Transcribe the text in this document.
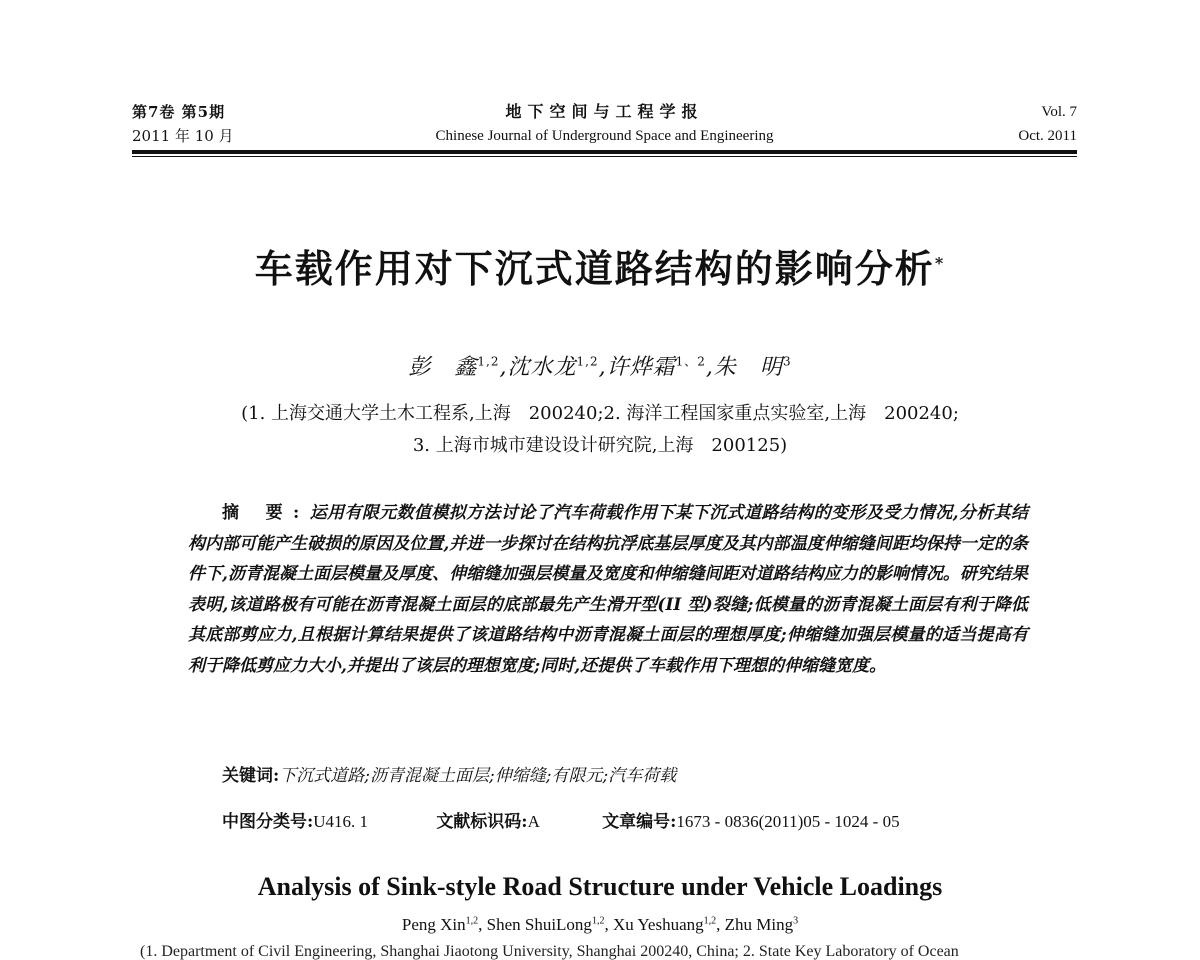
第7卷 第5期
2011 年 10 月
地下空间与工程学报
Chinese Journal of Underground Space and Engineering
Vol. 7
Oct. 2011
车载作用对下沉式道路结构的影响分析*
彭　鑫$^{1,2}$,沈水龙$^{1,2}$,许烨霜$^{1、2}$,朱　明$^3$
(1. 上海交通大学土木工程系,上海　200240;2. 海洋工程国家重点实验室,上海　200240;
3. 上海市城市建设设计研究院,上海　200125)
摘 要:运用有限元数值模拟方法讨论了汽车荷载作用下某下沉式道路结构的变形及受力情况,分析其结构内部可能产生破损的原因及位置,并进一步探讨在结构抗浮底基层厚度及其内部温度伸缩缝间距均保持一定的条件下,沥青混凝土面层模量及厚度、伸缩缝加强层模量及宽度和伸缩缝间距对道路结构应力的影响情况。研究结果表明,该道路极有可能在沥青混凝土面层的底部最先产生滑开型(II 型)裂缝;低模量的沥青混凝土面层有利于降低其底部剪应力,且根据计算结果提供了该道路结构中沥青混凝土面层的理想厚度;伸缩缝加强层模量的适当提高有利于降低剪应力大小,并提出了该层的理想宽度;同时,还提供了车载作用下理想的伸缩缝宽度。
关键词:下沉式道路;沥青混凝土面层;伸缩缝;有限元;汽车荷载
中图分类号:U416. 1	文献标识码:A	文章编号:1673 - 0836(2011)05 - 1024 - 05
Analysis of Sink-style Road Structure under Vehicle Loadings
Peng Xin$^{1,2}$, Shen ShuiLong$^{1,2}$, Xu Yeshuang$^{1,2}$, Zhu Ming$^3$
(1. Department of Civil Engineering, Shanghai Jiaotong University, Shanghai 200240, China; 2. State Key Laboratory of Ocean
